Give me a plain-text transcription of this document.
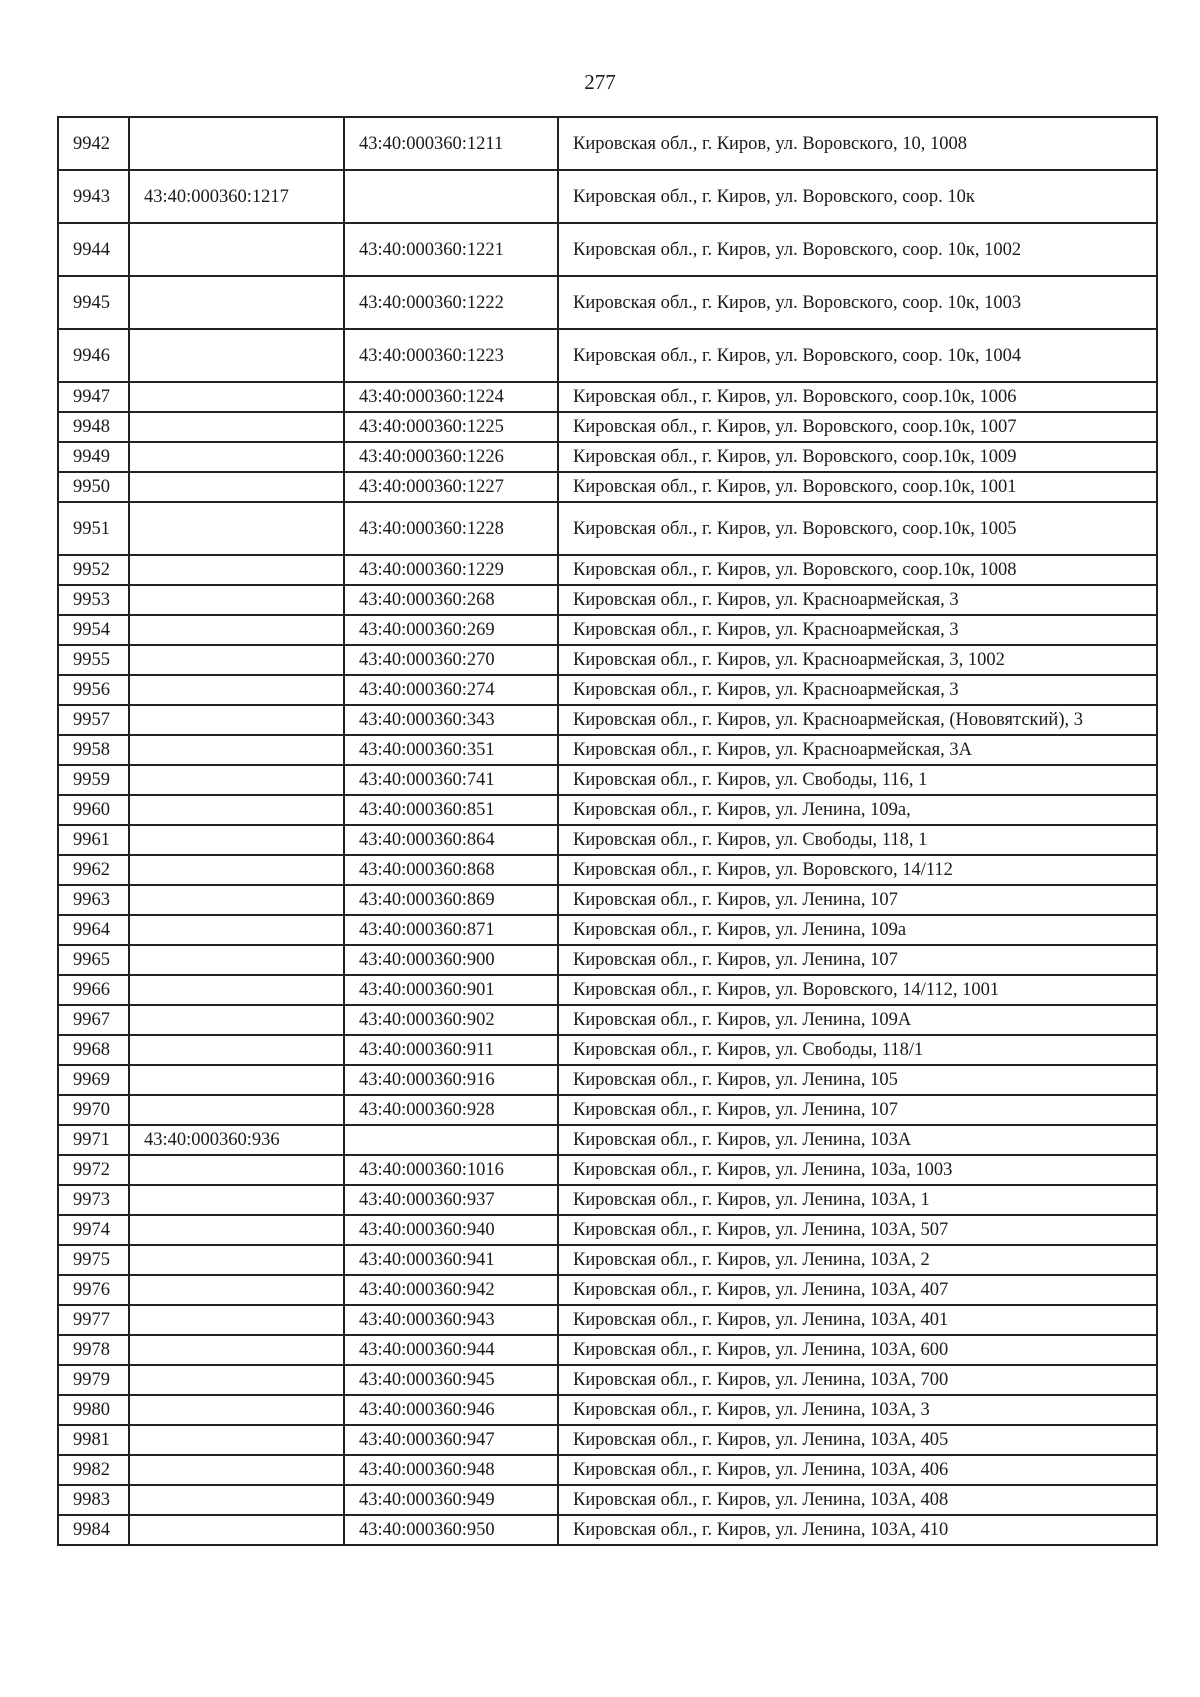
277
9942		43:40:000360:1211	Кировская обл., г. Киров, ул. Воровского, 10, 1008
9943	43:40:000360:1217		Кировская обл., г. Киров, ул. Воровского, соор. 10к
9944		43:40:000360:1221	Кировская обл., г. Киров, ул. Воровского, соор. 10к, 1002
9945		43:40:000360:1222	Кировская обл., г. Киров, ул. Воровского, соор. 10к, 1003
9946		43:40:000360:1223	Кировская обл., г. Киров, ул. Воровского, соор. 10к, 1004
9947		43:40:000360:1224	Кировская обл., г. Киров, ул. Воровского, соор.10к, 1006
9948		43:40:000360:1225	Кировская обл., г. Киров, ул. Воровского, соор.10к, 1007
9949		43:40:000360:1226	Кировская обл., г. Киров, ул. Воровского, соор.10к, 1009
9950		43:40:000360:1227	Кировская обл., г. Киров, ул. Воровского, соор.10к, 1001
9951		43:40:000360:1228	Кировская обл., г. Киров, ул. Воровского, соор.10к, 1005
9952		43:40:000360:1229	Кировская обл., г. Киров, ул. Воровского, соор.10к, 1008
9953		43:40:000360:268	Кировская обл., г. Киров, ул. Красноармейская, 3
9954		43:40:000360:269	Кировская обл., г. Киров, ул. Красноармейская, 3
9955		43:40:000360:270	Кировская обл., г. Киров, ул. Красноармейская, 3, 1002
9956		43:40:000360:274	Кировская обл., г. Киров, ул. Красноармейская, 3
9957		43:40:000360:343	Кировская обл., г. Киров, ул. Красноармейская, (Нововятский), 3
9958		43:40:000360:351	Кировская обл., г. Киров, ул. Красноармейская, 3А
9959		43:40:000360:741	Кировская обл., г. Киров, ул. Свободы, 116, 1
9960		43:40:000360:851	Кировская обл., г. Киров, ул. Ленина, 109а,
9961		43:40:000360:864	Кировская обл., г. Киров, ул. Свободы, 118, 1
9962		43:40:000360:868	Кировская обл., г. Киров, ул. Воровского, 14/112
9963		43:40:000360:869	Кировская обл., г. Киров, ул. Ленина, 107
9964		43:40:000360:871	Кировская обл., г. Киров, ул. Ленина, 109а
9965		43:40:000360:900	Кировская обл., г. Киров, ул. Ленина, 107
9966		43:40:000360:901	Кировская обл., г. Киров, ул. Воровского, 14/112, 1001
9967		43:40:000360:902	Кировская обл., г. Киров, ул. Ленина, 109А
9968		43:40:000360:911	Кировская обл., г. Киров, ул. Свободы, 118/1
9969		43:40:000360:916	Кировская обл., г. Киров, ул. Ленина, 105
9970		43:40:000360:928	Кировская обл., г. Киров, ул. Ленина, 107
9971	43:40:000360:936		Кировская обл., г. Киров, ул. Ленина, 103А
9972		43:40:000360:1016	Кировская обл., г. Киров, ул. Ленина, 103а, 1003
9973		43:40:000360:937	Кировская обл., г. Киров, ул. Ленина, 103А, 1
9974		43:40:000360:940	Кировская обл., г. Киров, ул. Ленина, 103А, 507
9975		43:40:000360:941	Кировская обл., г. Киров, ул. Ленина, 103А, 2
9976		43:40:000360:942	Кировская обл., г. Киров, ул. Ленина, 103А, 407
9977		43:40:000360:943	Кировская обл., г. Киров, ул. Ленина, 103А, 401
9978		43:40:000360:944	Кировская обл., г. Киров, ул. Ленина, 103А, 600
9979		43:40:000360:945	Кировская обл., г. Киров, ул. Ленина, 103А, 700
9980		43:40:000360:946	Кировская обл., г. Киров, ул. Ленина, 103А, 3
9981		43:40:000360:947	Кировская обл., г. Киров, ул. Ленина, 103А, 405
9982		43:40:000360:948	Кировская обл., г. Киров, ул. Ленина, 103А, 406
9983		43:40:000360:949	Кировская обл., г. Киров, ул. Ленина, 103А, 408
9984		43:40:000360:950	Кировская обл., г. Киров, ул. Ленина, 103А, 410
